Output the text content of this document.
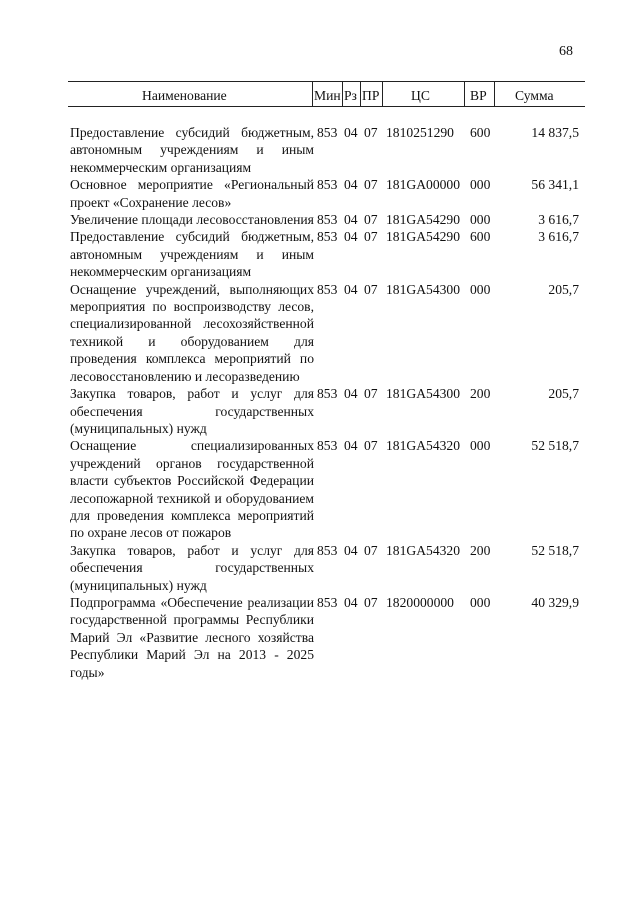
68
Наименование	Мин Рз ПР ЦС	ВР Сумма
Предоставление субсидий бюджетным, автономным учреждениям и иным некоммерческим организациям
853 04 07 1810251290 600	14 837,5
Основное мероприятие «Региональный проект «Сохранение лесов»
853 04 07 181GA00000 000	56 341,1
Увеличение площади лесовосстановления 853 04 07 181GA54290 000	3 616,7
Предоставление субсидий бюджетным, автономным учреждениям и иным некоммерческим организациям
853 04 07 181GA54290 600	3 616,7
Оснащение учреждений, выполняющих мероприятия по воспроизводству лесов, специализированной лесохозяйственной техникой и оборудованием для проведения комплекса мероприятий по лесовосстановлению и лесоразведению
853 04 07 181GA54300 000	205,7
Закупка товаров, работ и услуг для обеспечения государственных (муниципальных) нужд
853 04 07 181GA54300 200	205,7
Оснащение специализированных учреждений органов государственной власти субъектов Российской Федерации лесопожарной техникой и оборудованием для проведения комплекса мероприятий по охране лесов от пожаров
853 04 07 181GA54320 000	52 518,7
Закупка товаров, работ и услуг для обеспечения государственных (муниципальных) нужд
853 04 07 181GA54320 200	52 518,7
Подпрограмма «Обеспечение реализации государственной программы Республики Марий Эл «Развитие лесного хозяйства Республики Марий Эл на 2013 - 2025 годы»
853 04 07 1820000000 000	40 329,9
